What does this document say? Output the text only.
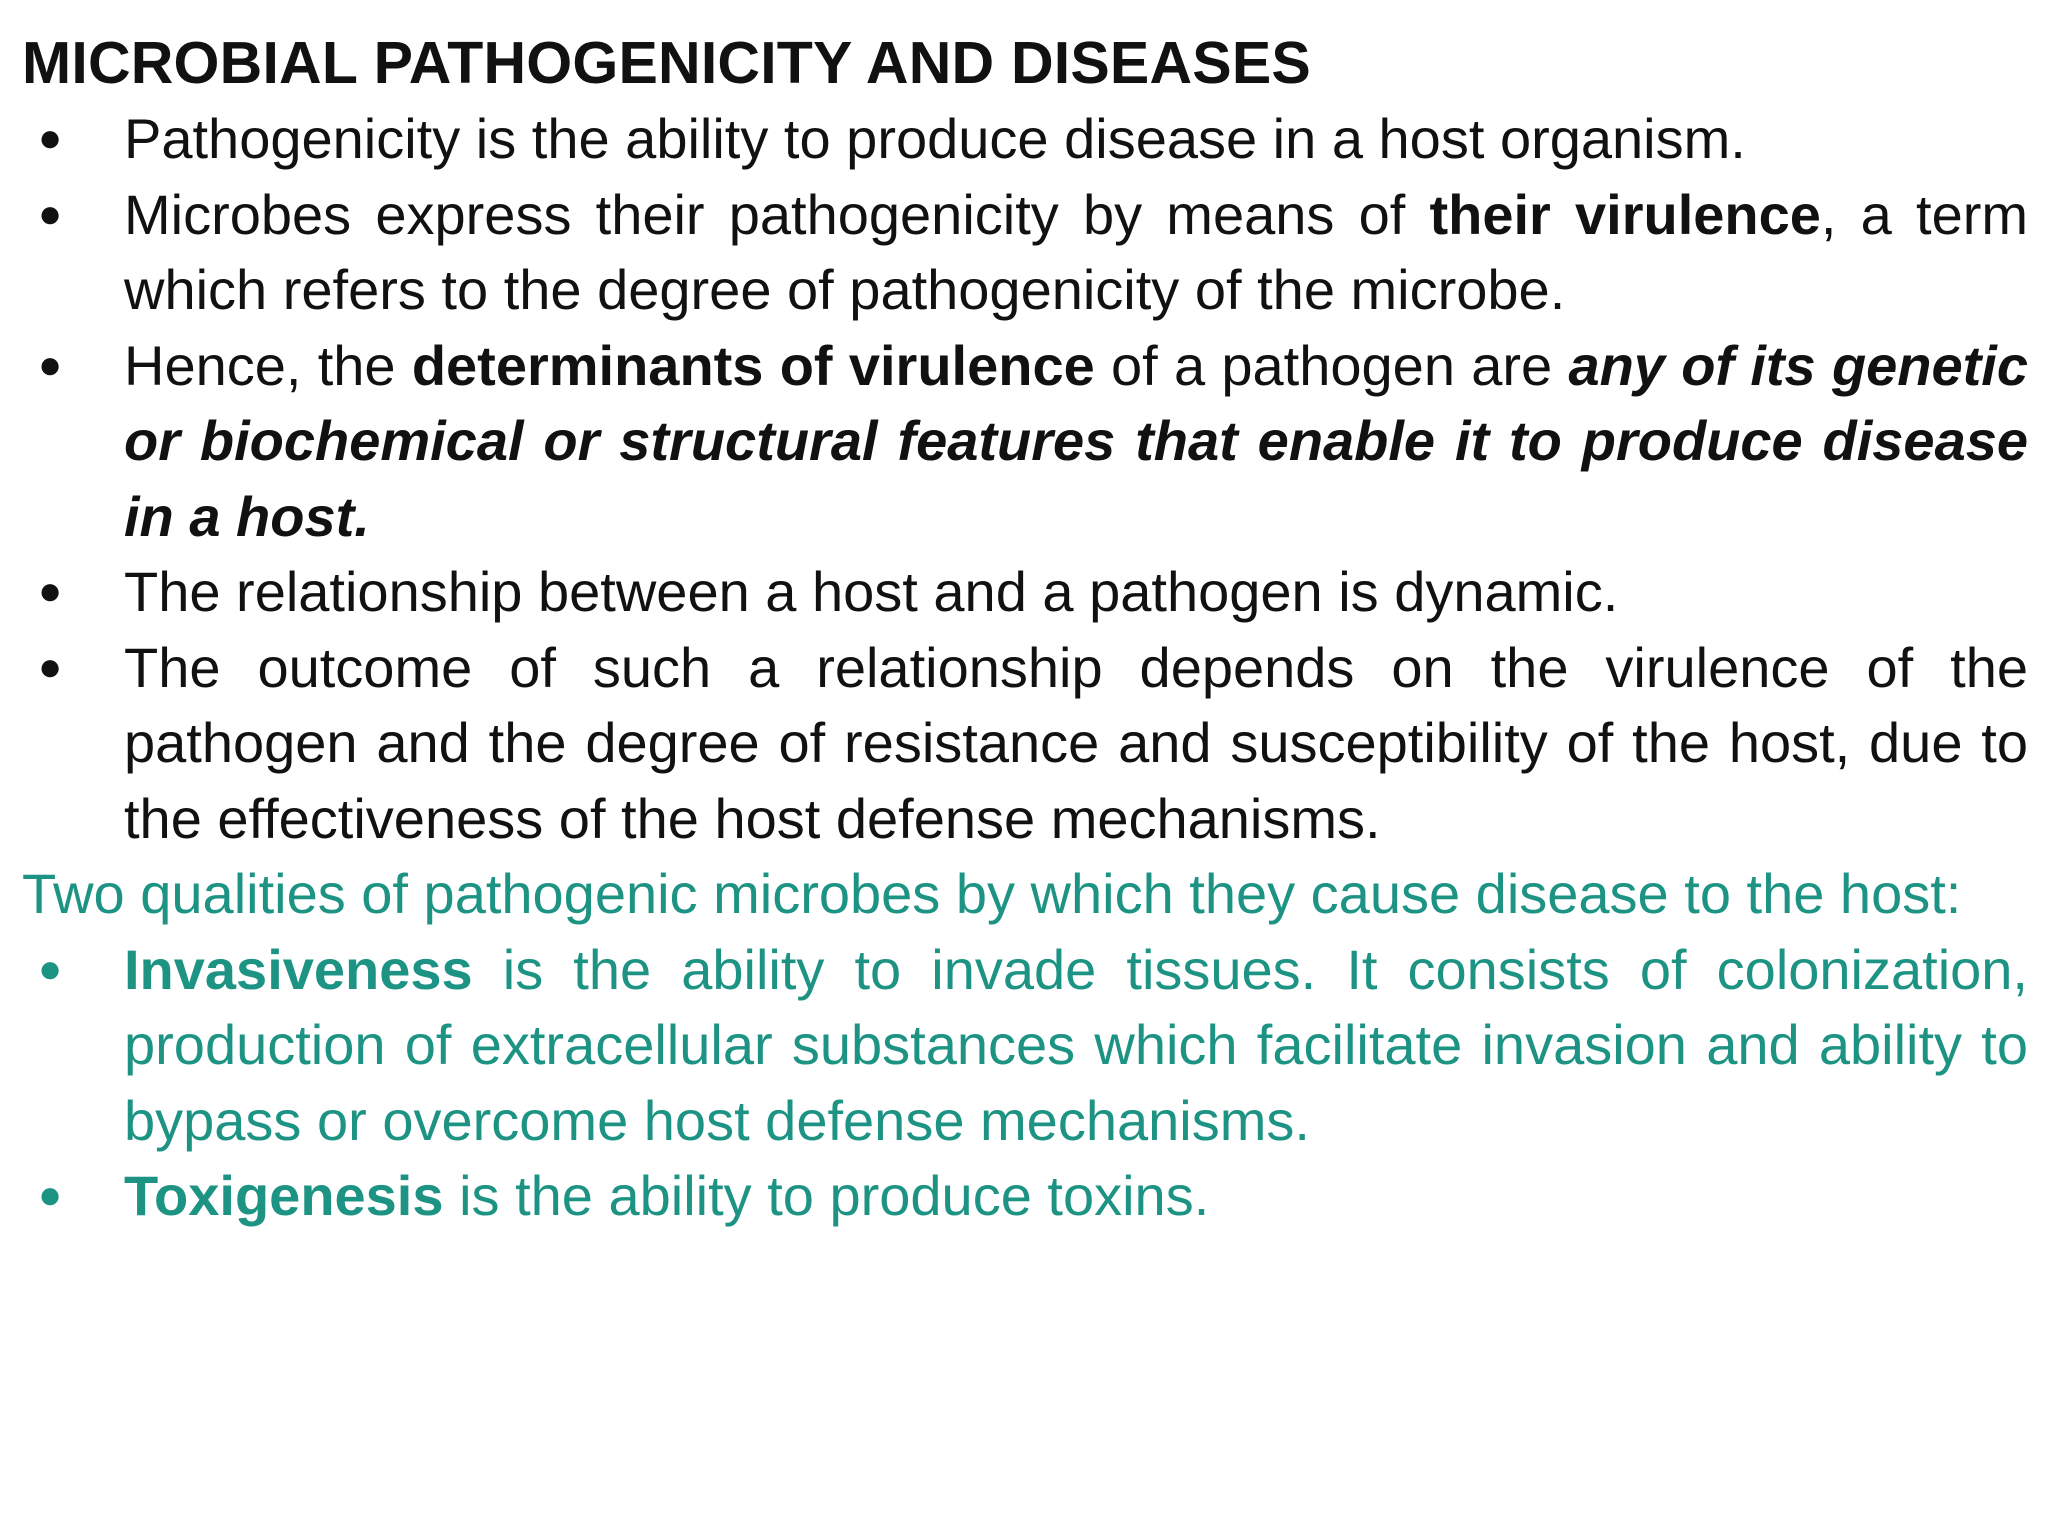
MICROBIAL PATHOGENICITY AND DISEASES
●	Pathogenicity is the ability to produce disease in a host organism.
●	Microbes express their pathogenicity by means of their virulence, a term which refers to the degree of pathogenicity of the microbe.
●	Hence, the determinants of virulence of a pathogen are any of its genetic or biochemical or structural features that enable it to produce disease in a host.
●	The relationship between a host and a pathogen is dynamic.
●	The outcome of such a relationship depends on the virulence of the pathogen and the degree of resistance and susceptibility of the host, due to the effectiveness of the host defense mechanisms.

Two qualities of pathogenic microbes by which they cause disease to the host:

●	Invasiveness is the ability to invade tissues. It consists of colonization, production of extracellular substances which facilitate invasion and ability to bypass or overcome host defense mechanisms.
●	Toxigenesis is the ability to produce toxins.
